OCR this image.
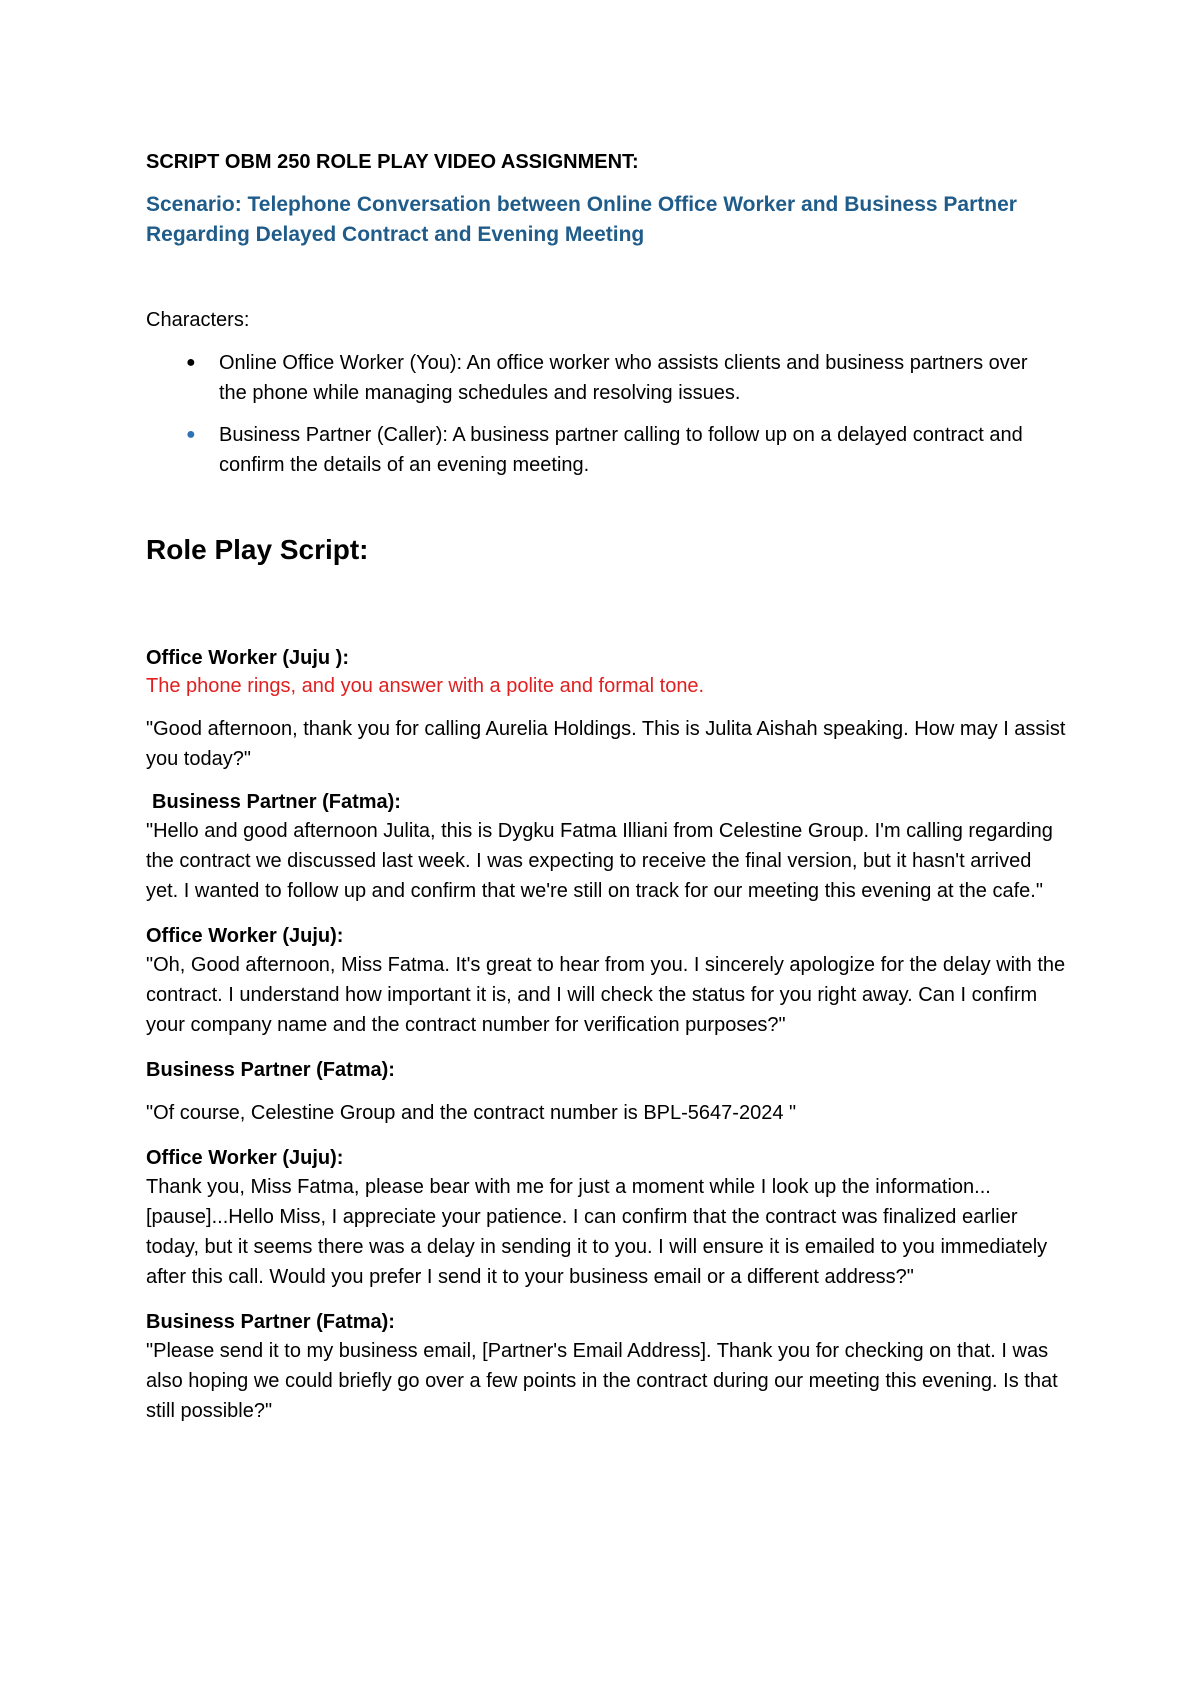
SCRIPT OBM 250 ROLE PLAY VIDEO ASSIGNMENT:

Scenario: Telephone Conversation between Online Office Worker and Business Partner Regarding Delayed Contract and Evening Meeting

Characters:

● Online Office Worker (You): An office worker who assists clients and business partners over the phone while managing schedules and resolving issues.
● Business Partner (Caller): A business partner calling to follow up on a delayed contract and confirm the details of an evening meeting.
Role Play Script:

Office Worker (Juju ):

The phone rings, and you answer with a polite and formal tone.

"Good afternoon, thank you for calling Aurelia Holdings. This is Julita Aishah speaking. How may I assist you today?"

Business Partner (Fatma):

"Hello and good afternoon Julita, this is Dygku Fatma Illiani from Celestine Group. I'm calling regarding the contract we discussed last week. I was expecting to receive the final version, but it hasn't arrived yet. I wanted to follow up and confirm that we're still on track for our meeting this evening at the cafe."

Office Worker (Juju):

"Oh, Good afternoon, Miss Fatma. It's great to hear from you. I sincerely apologize for the delay with the contract. I understand how important it is, and I will check the status for you right away. Can I confirm your company name and the contract number for verification purposes?"

Business Partner (Fatma):

"Of course, Celestine Group and the contract number is BPL-5647-2024 "

Office Worker (Juju):

Thank you, Miss Fatma, please bear with me for just a moment while I look up the information... [pause]...Hello Miss, I appreciate your patience. I can confirm that the contract was finalized earlier today, but it seems there was a delay in sending it to you. I will ensure it is emailed to you immediately after this call. Would you prefer I send it to your business email or a different address?"

Business Partner (Fatma):

"Please send it to my business email, [Partner's Email Address]. Thank you for checking on that. I was also hoping we could briefly go over a few points in the contract during our meeting this evening. Is that still possible?"
